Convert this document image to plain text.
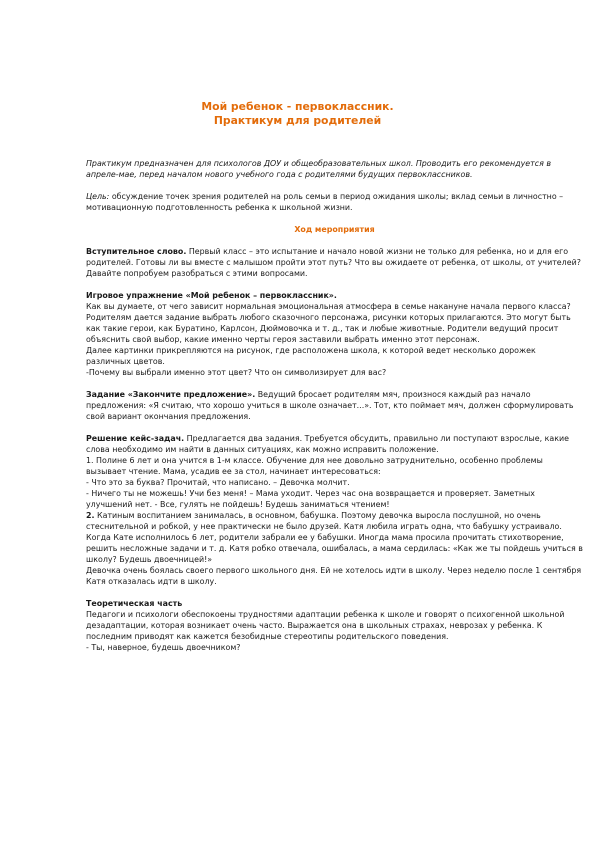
Мой ребенок - первоклассник.
Практикум для родителей

Практикум предназначен для психологов ДОУ и общеобразовательных школ. Проводить его рекомендуется в апреле-мае, перед началом нового учебного года с родителями будущих первоклассников.

Цель: обсуждение точек зрения родителей на роль семьи в период ожидания школы; вклад семьи в личностно – мотивационную подготовленность ребенка к школьной жизни.

Ход мероприятия

Вступительное слово. Первый класс – это испытание и начало новой жизни не только для ребенка, но и для его родителей. Готовы ли вы вместе с малышом пройти этот путь? Что вы ожидаете от ребенка, от школы, от учителей? Давайте попробуем разобраться с этими вопросами.

Игровое упражнение «Мой ребенок – первоклассник».

Как вы думаете, от чего зависит нормальная эмоциональная атмосфера в семье накануне начала первого класса?

Родителям дается задание выбрать любого сказочного персонажа, рисунки которых прилагаются. Это могут быть как такие герои, как Буратино, Карлсон, Дюймовочка и т. д., так и любые животные. Родители ведущий просит объяснить свой выбор, какие именно черты героя заставили выбрать именно этот персонаж.

Далее картинки прикрепляются на рисунок, где расположена школа, к которой ведет несколько дорожек различных цветов.

-Почему вы выбрали именно этот цвет? Что он символизирует для вас?

Задание «Закончите предложение». Ведущий бросает родителям мяч, произнося каждый раз начало предложения: «Я считаю, что хорошо учиться в школе означает...». Тот, кто поймает мяч, должен сформулировать свой вариант окончания предложения.

Решение кейс-задач. Предлагается два задания. Требуется обсудить, правильно ли поступают взрослые, какие слова необходимо им найти в данных ситуациях, как можно исправить положение.

1. Полине 6 лет и она учится в 1-м классе. Обучение для нее довольно затруднительно, особенно проблемы вызывает чтение. Мама, усадив ее за стол, начинает интересоваться:

- Что это за буква? Прочитай, что написано. – Девочка молчит.

- Ничего ты не можешь! Учи без меня! – Мама уходит. Через час она возвращается и проверяет. Заметных улучшений нет. - Все, гулять не пойдешь! Будешь заниматься чтением!

2. Катиным воспитанием занималась, в основном, бабушка. Поэтому девочка выросла послушной, но очень стеснительной и робкой, у нее практически не было друзей. Катя любила играть одна, что бабушку устраивало.

Когда Кате исполнилось 6 лет, родители забрали ее у бабушки. Иногда мама просила прочитать стихотворение, решить несложные задачи и т. д. Катя робко отвечала, ошибалась, а мама сердилась: «Как же ты пойдешь учиться в школу? Будешь двоечницей!»

Девочка очень боялась своего первого школьного дня. Ей не хотелось идти в школу. Через неделю после 1 сентября Катя отказалась идти в школу.

Теоретическая часть

Педагоги и психологи обеспокоены трудностями адаптации ребенка к школе и говорят о психогенной школьной дезадаптации, которая возникает очень часто. Выражается она в школьных страхах, неврозах у ребенка. К последним приводят как кажется безобидные стереотипы родительского поведения.

- Ты, наверное, будешь двоечником?
